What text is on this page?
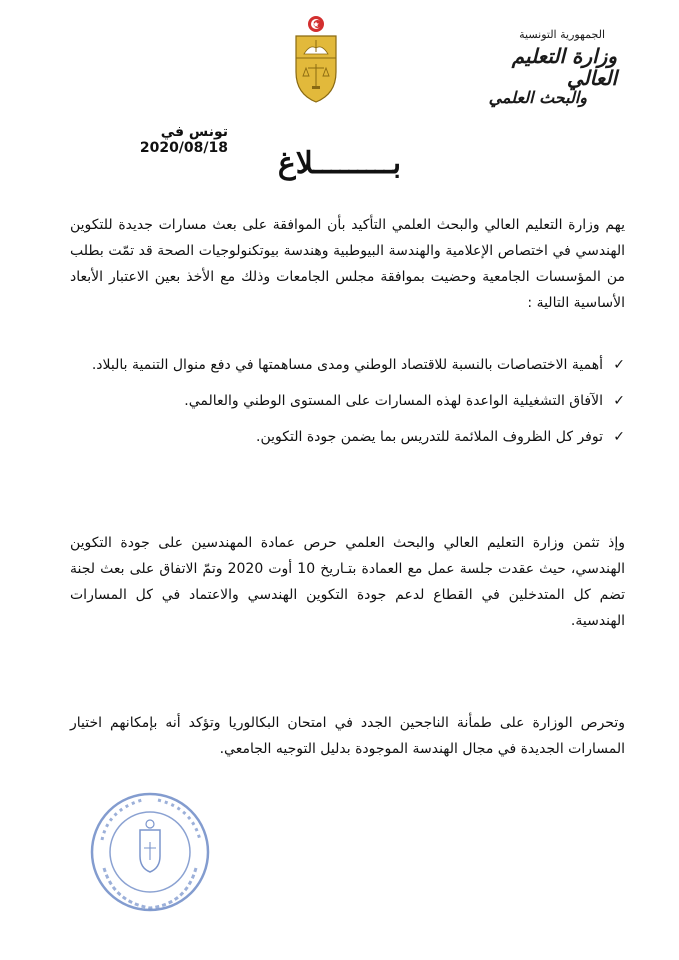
الجمهورية التونسية
وزارة التعليم العالي
والبحث العلمي
تونس في 2020/08/18	بـــــــــلاغ
يهم وزارة التعليم العالي والبحث العلمي التأكيد بأن الموافقة على بعث مسارات جديدة للتكوين الهندسي في اختصاص الإعلامية والهندسة البيوطبية وهندسة بيوتكنولوجيات الصحة قد تمّت بطلب من المؤسسات الجامعية وحضيت بموافقة مجلس الجامعات وذلك مع الأخذ بعين الاعتبار الأبعاد الأساسية التالية :
✓
أهمية الاختصاصات بالنسبة للاقتصاد الوطني ومدى مساهمتها في دفع منوال التنمية بالبلاد.
✓
الآفاق التشغيلية الواعدة لهذه المسارات على المستوى الوطني والعالمي.
✓
توفر كل الظروف الملائمة للتدريس بما يضمن جودة التكوين.
وإذ تثمن وزارة التعليم العالي والبحث العلمي حرص عمادة المهندسين على جودة التكوين الهندسي، حيث عقدت جلسة عمل مع العمادة بتـاريخ 10 أوت 2020 وتمّ الاتفاق على بعث لجنة تضم كل المتدخلين في القطاع لدعم جودة التكوين الهندسي والاعتماد في كل المسارات الهندسية.
وتحرص الوزارة على طمأنة الناجحين الجدد في امتحان البكالوريا وتؤكد أنه بإمكانهم اختيار المسارات الجديدة في مجال الهندسة الموجودة بدليل التوجيه الجامعي.
